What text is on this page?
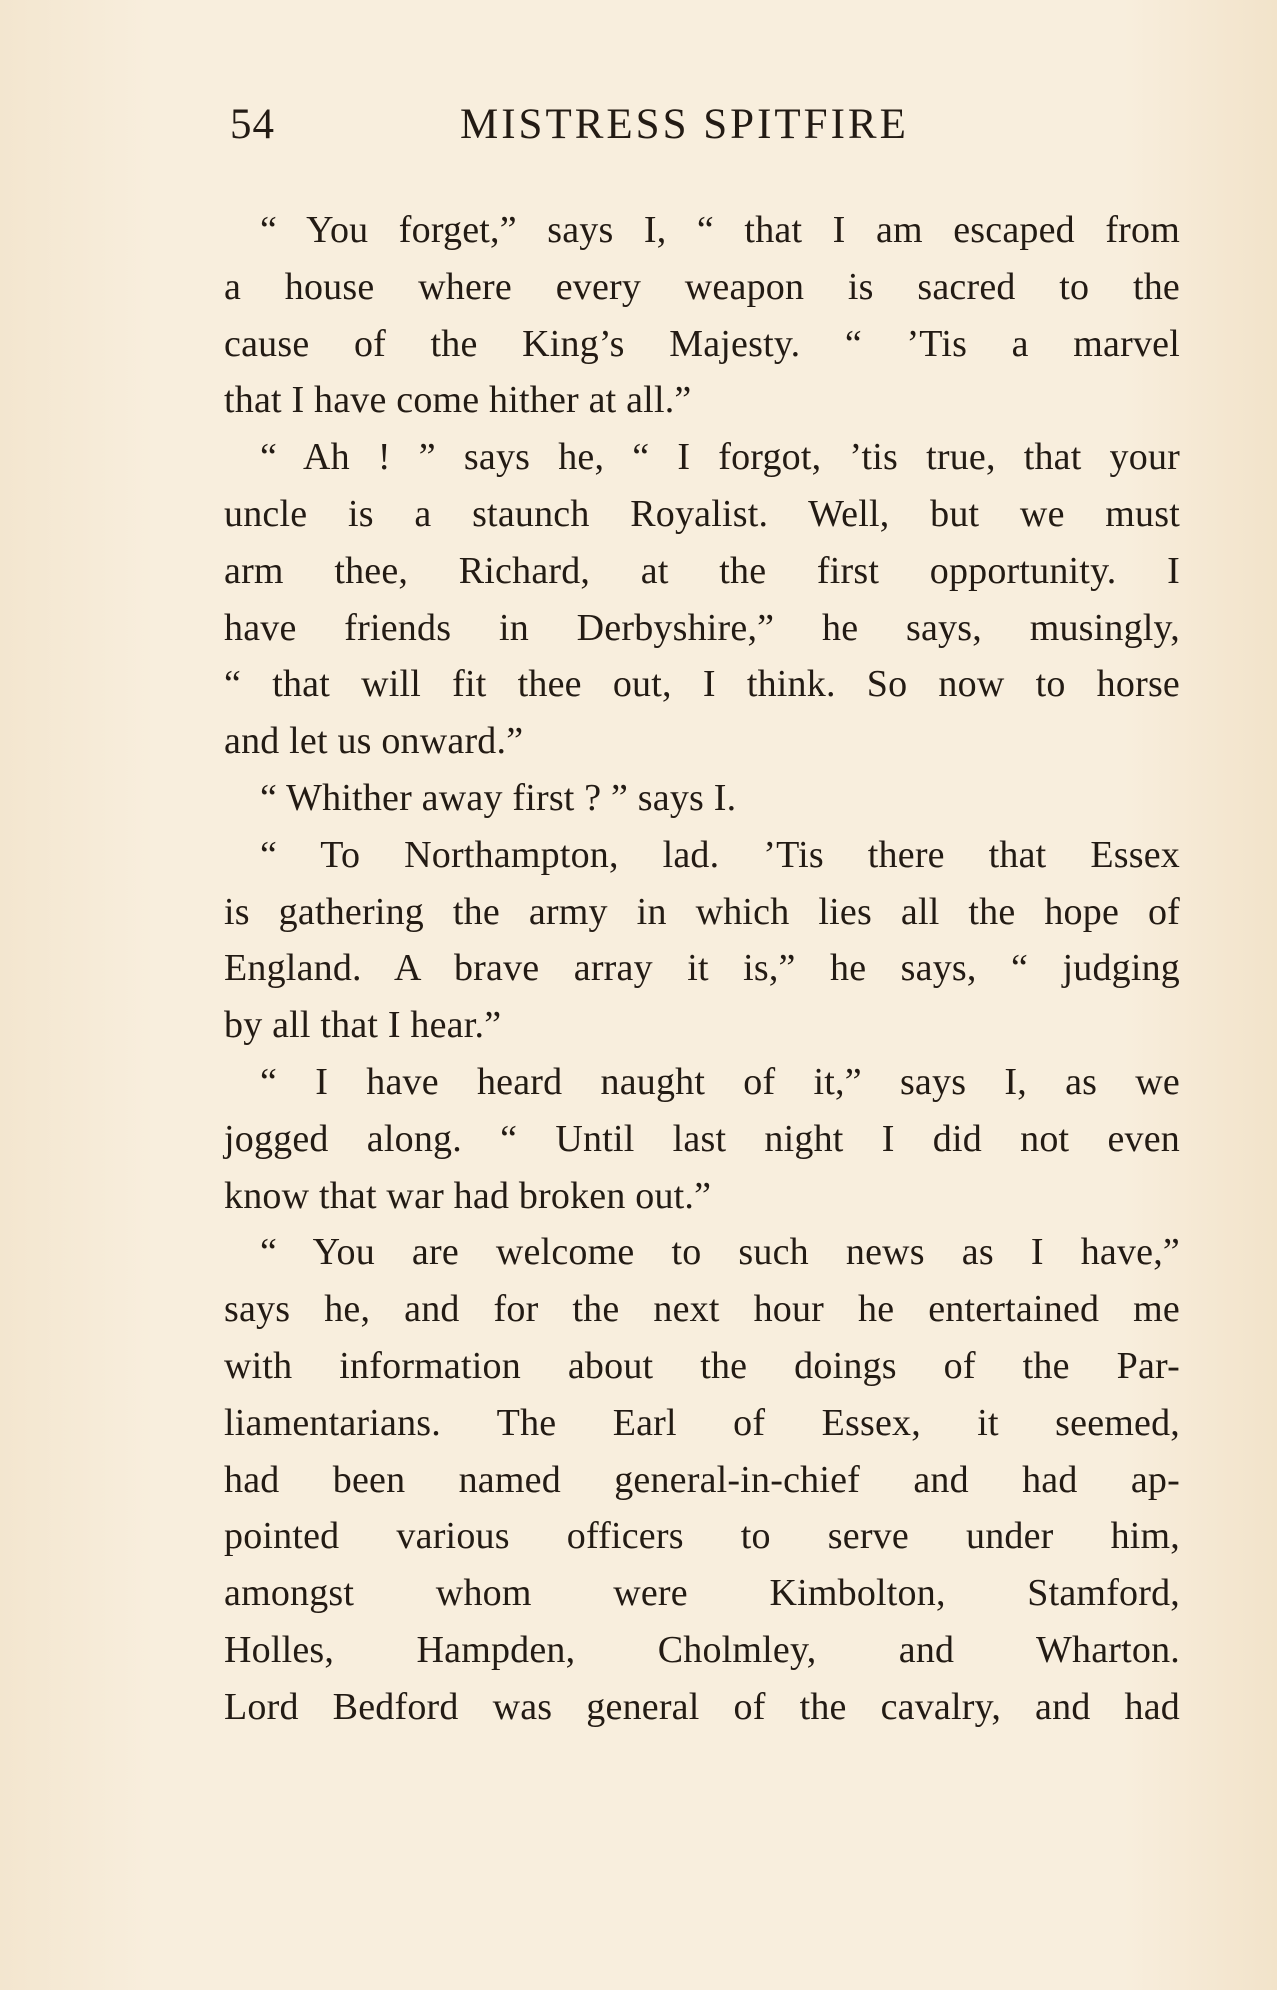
54	MISTRESS SPITFIRE
“ You forget,” says I, “ that I am escaped from
a house where every weapon is sacred to the
cause of the King’s Majesty. “ ’Tis a marvel
that I have come hither at all.”
“ Ah ! ” says he, “ I forgot, ’tis true, that your
uncle is a staunch Royalist. Well, but we must
arm thee, Richard, at the first opportunity. I
have friends in Derbyshire,” he says, musingly,
“ that will fit thee out, I think. So now to horse
and let us onward.”
“ Whither away first ? ” says I.
“ To Northampton, lad. ’Tis there that Essex
is gathering the army in which lies all the hope of
England. A brave array it is,” he says, “ judging
by all that I hear.”
“ I have heard naught of it,” says I, as we
jogged along. “ Until last night I did not even
know that war had broken out.”
“ You are welcome to such news as I have,”
says he, and for the next hour he entertained me
with information about the doings of the Par-
liamentarians. The Earl of Essex, it seemed,
had been named general-in-chief and had ap-
pointed various officers to serve under him,
amongst whom were Kimbolton, Stamford,
Holles, Hampden, Cholmley, and Wharton.
Lord Bedford was general of the cavalry, and had
